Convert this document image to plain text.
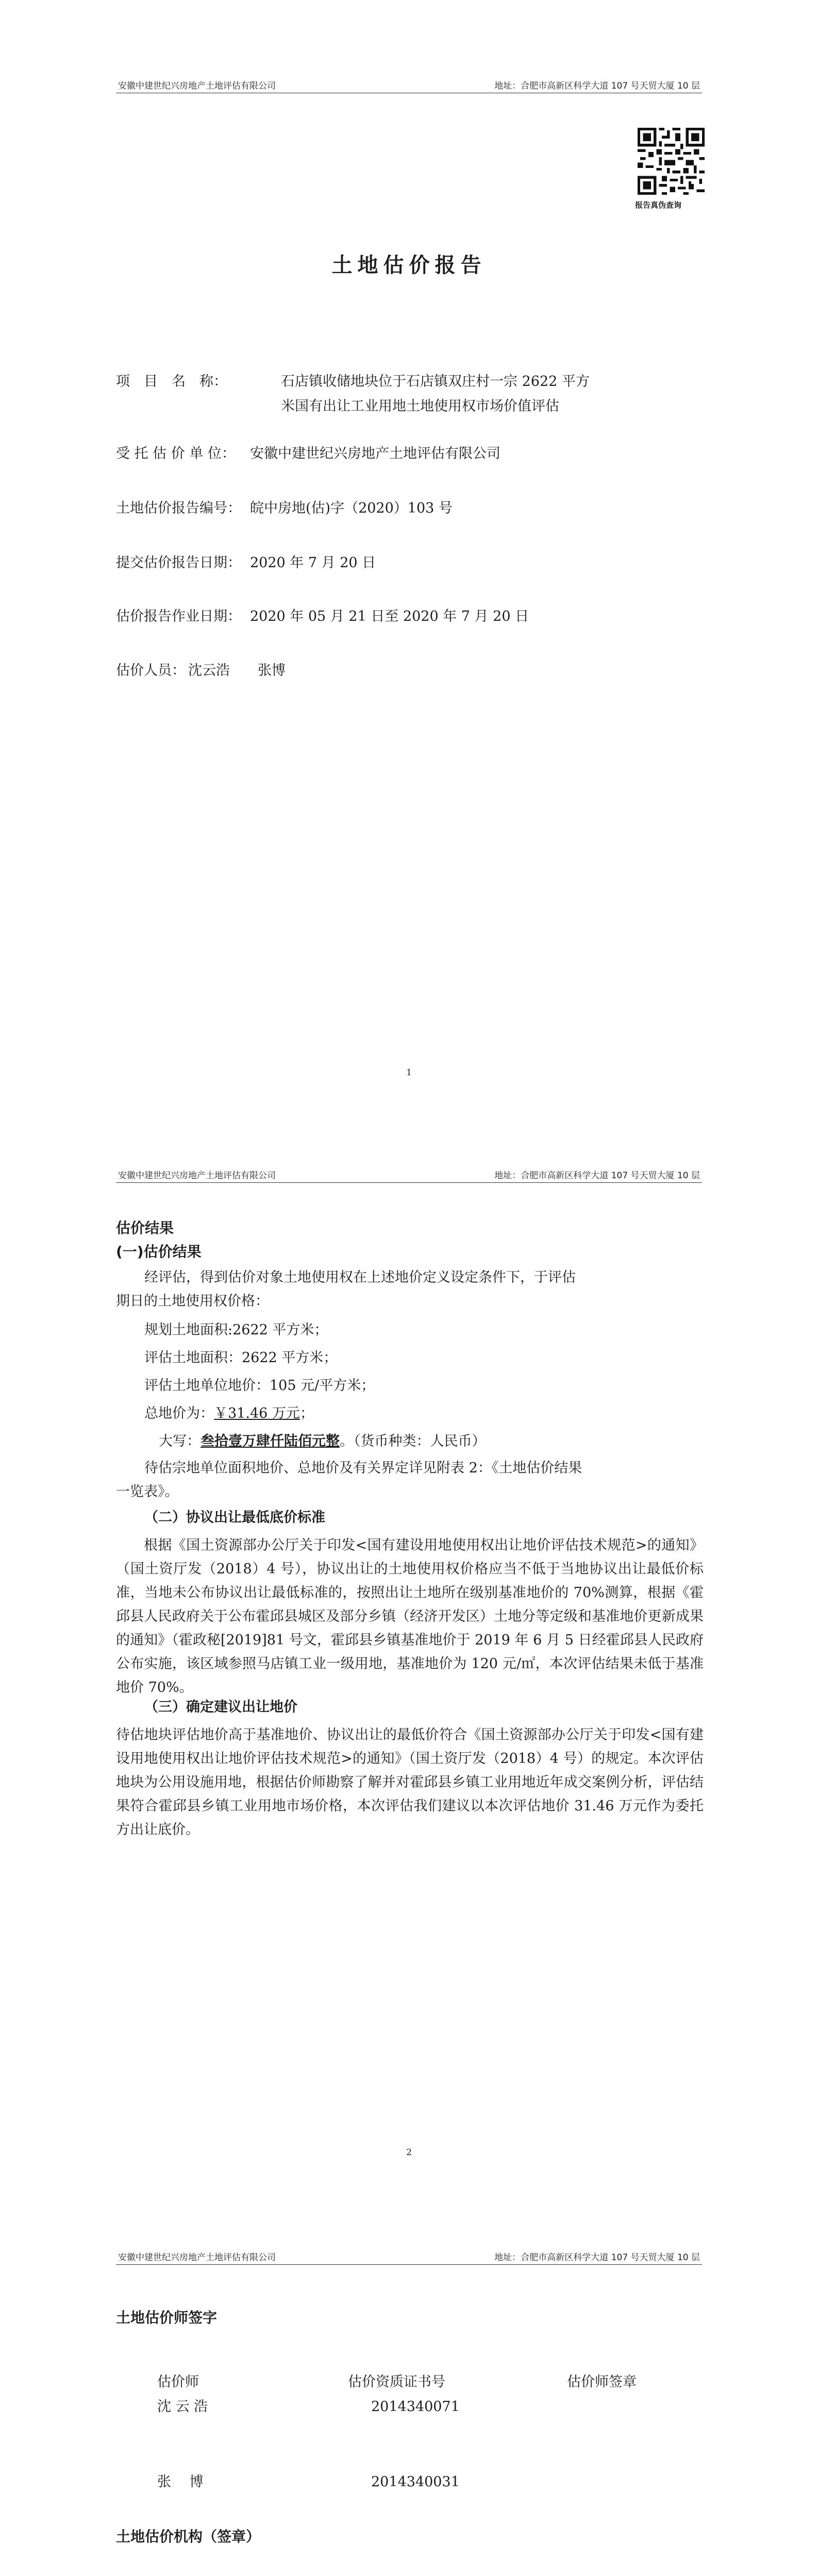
安徽中建世纪兴房地产土地评估有限公司	地址：合肥市高新区科学大道 107 号天贸大厦 10 层
报告真伪查询
土地估价报告
项　目　名　称：	石店镇收储地块位于石店镇双庄村一宗 2622 平方
米国有出让工业用地土地使用权市场价值评估
受 托 估 价 单 位： 安徽中建世纪兴房地产土地评估有限公司
土地估价报告编号： 皖中房地(估)字（2020）103 号
提交估价报告日期： 2020 年 7 月 20 日
估价报告作业日期： 2020 年 05 月 21 日至 2020 年 7 月 20 日
估价人员： 沈云浩　　张博
1
安徽中建世纪兴房地产土地评估有限公司	地址：合肥市高新区科学大道 107 号天贸大厦 10 层
估价结果
(一)估价结果
经评估，得到估价对象土地使用权在上述地价定义设定条件下，于评估
期日的土地使用权价格：
规划土地面积:2622 平方米；
评估土地面积：2622 平方米；
评估土地单位地价：105 元/平方米；
总地价为：￥31.46 万元；
大写：叁拾壹万肆仟陆佰元整。（货币种类：人民币）
待估宗地单位面积地价、总地价及有关界定详见附表 2：《土地估价结果
一览表》。
（二）协议出让最低底价标准
根据《国土资源部办公厅关于印发<国有建设用地使用权出让地价评估技术规范>的通知》（国土资厅发（2018）4 号），协议出让的土地使用权价格应当不低于当地协议出让最低价标准，当地未公布协议出让最低标准的，按照出让土地所在级别基准地价的 70%测算，根据《霍邱县人民政府关于公布霍邱县城区及部分乡镇（经济开发区）土地分等定级和基准地价更新成果的通知》（霍政秘[2019]81 号文，霍邱县乡镇基准地价于 2019 年 6 月 5 日经霍邱县人民政府公布实施，该区域参照马店镇工业一级用地，基准地价为 120 元/㎡，本次评估结果未低于基准地价 70%。
（三）确定建议出让地价
待估地块评估地价高于基准地价、协议出让的最低价符合《国土资源部办公厅关于印发<国有建设用地使用权出让地价评估技术规范>的通知》（国土资厅发（2018）4 号）的规定。本次评估地块为公用设施用地，根据估价师勘察了解并对霍邱县乡镇工业用地近年成交案例分析，评估结果符合霍邱县乡镇工业用地市场价格，本次评估我们建议以本次评估地价 31.46 万元作为委托方出让底价。
2
安徽中建世纪兴房地产土地评估有限公司	地址：合肥市高新区科学大道 107 号天贸大厦 10 层
土地估价师签字
估价师	估价资质证书号	估价师签章
沈 云 浩	2014340071
张　 博	2014340031
土地估价机构（签章）
